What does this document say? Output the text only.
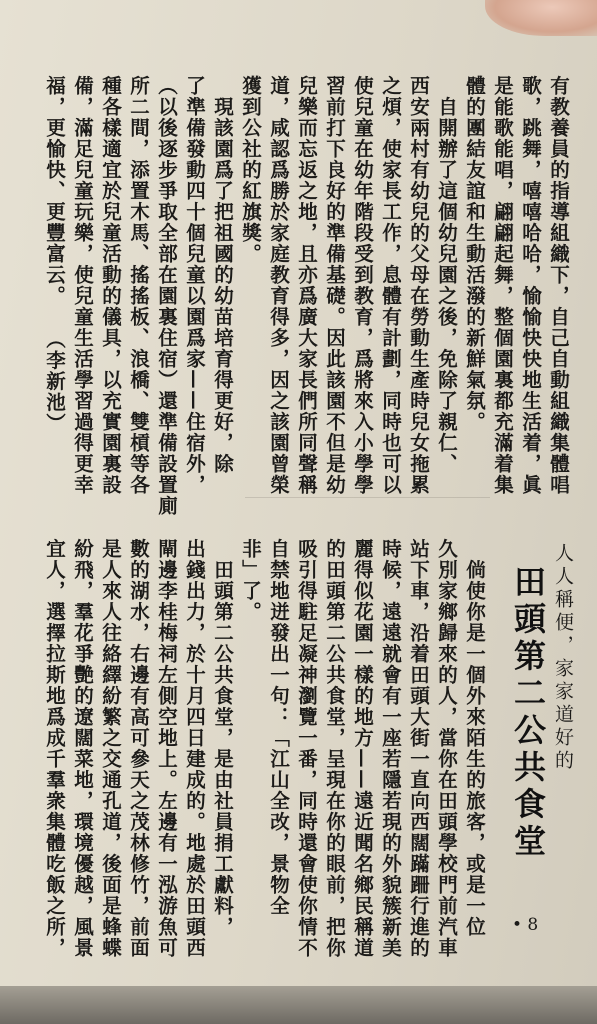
有教養員的指導組織下，自己自動組織集體唱
歌，跳舞，嘻嘻哈哈，愉愉快快地生活着，眞
是能歌能唱，翩翩起舞，整個園裏都充滿着集
體的團結友誼和生動活潑的新鮮氣氛。
　自開辦了這個幼兒園之後，免除了親仁、
西安兩村有幼兒的父母在勞動生產時兒女拖累
之煩，使家長工作，息體有計劃，同時也可以
使兒童在幼年階段受到教育，爲將來入小學學
習前打下良好的準備基礎。因此該園不但是幼
兒樂而忘返之地，且亦爲廣大家長們所同聲稱
道，咸認爲勝於家庭教育得多，因之該園曾榮
獲到公社的紅旗獎。
　現該園爲了把祖國的幼苗培育得更好，除
了準備發動四十個兒童以園爲家——住宿外，
（以後逐步爭取全部在園裏住宿）還準備設置廁
所二間，添置木馬、搖搖板、浪橋、雙槓等各
種各樣適宜於兒童活動的儀具，以充實園裏設
備，滿足兒童玩樂，使兒童生活學習過得更幸
福，更愉快、更豐富云。　　（李新池）

人人稱便，家家道好的
田頭第二公共食堂

　倘使你是一個外來陌生的旅客，或是一位
久別家鄉歸來的人，當你在田頭學校門前汽車
站下車，沿着田頭大街一直向西闊蹣跚行進的
時候，遠遠就會有一座若隱若現的外貌簇新美
麗得似花園一樣的地方——遠近聞名鄉民稱道
的田頭第二公共食堂，呈現在你的眼前，把你
吸引得駐足凝神瀏覽一番，同時還會使你情不
自禁地迸發出一句：「江山全改，景物全
非」了。
　田頭第二公共食堂，是由社員捐工獻料，
出錢出力，於十月四日建成的。地處於田頭西
閘邊李桂梅祠左側空地上。左邊有一泓游魚可
數的湖水，右邊有高可參天之茂林修竹，前面
是人來人往絡繹紛繁之交通孔道，後面是蜂蝶
紛飛，羣花爭艷的遼闊菜地，環境優越，風景
宜人，選擇拉斯地爲成千羣衆集體吃飯之所，
	• 8
